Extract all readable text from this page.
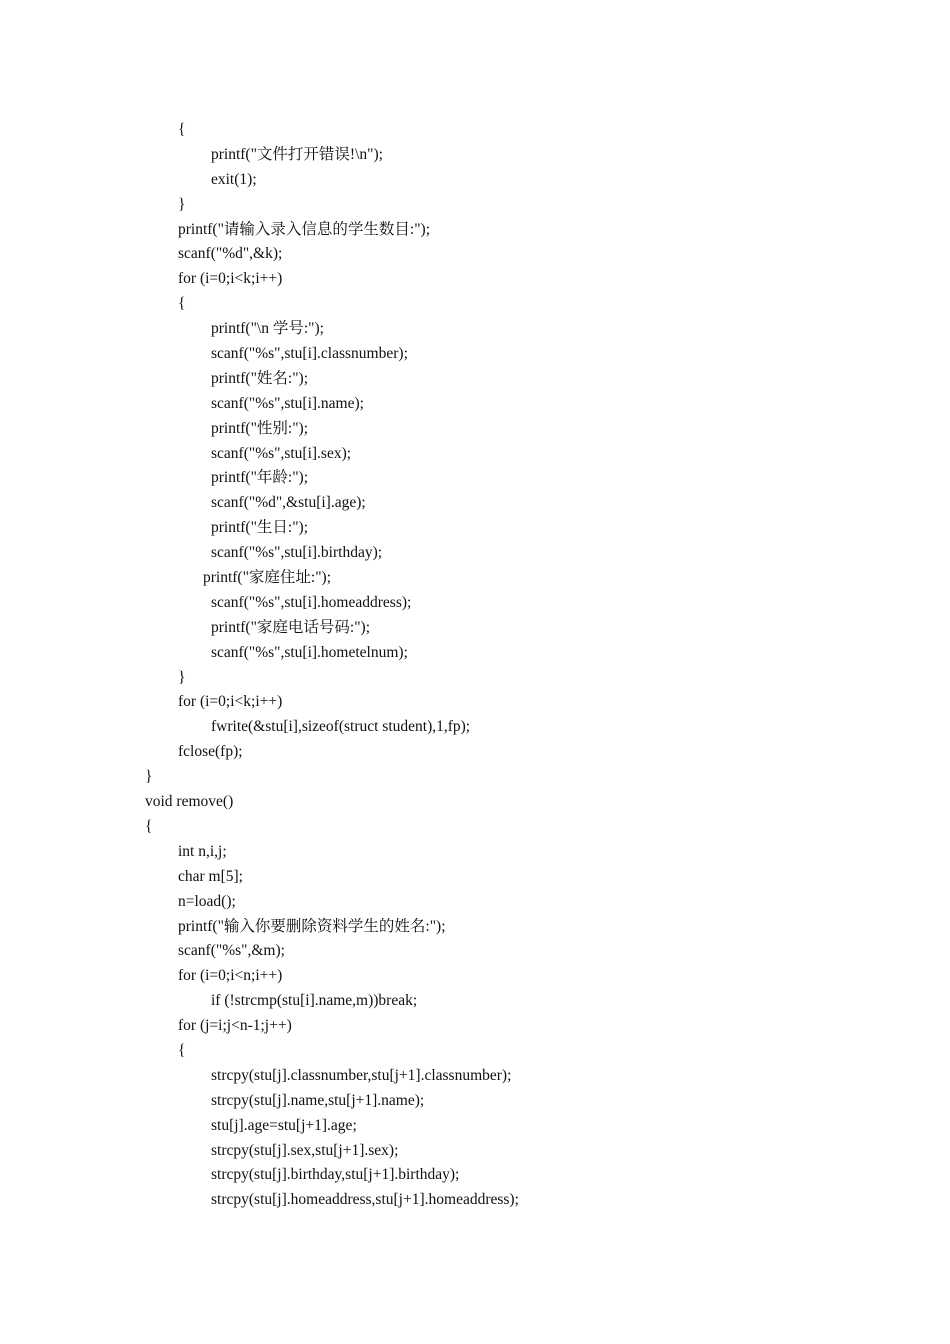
{
printf("文件打开错误!\n");
exit(1);
}
printf("请输入录入信息的学生数目:");
scanf("%d",&k);
for (i=0;i<k;i++)
{
printf("\n 学号:");
scanf("%s",stu[i].classnumber);
printf("姓名:");
scanf("%s",stu[i].name);
printf("性别:");
scanf("%s",stu[i].sex);
printf("年龄:");
scanf("%d",&stu[i].age);
printf("生日:");
scanf("%s",stu[i].birthday);
printf("家庭住址:");
scanf("%s",stu[i].homeaddress);
printf("家庭电话号码:");
scanf("%s",stu[i].hometelnum);
}
for (i=0;i<k;i++)
fwrite(&stu[i],sizeof(struct student),1,fp);
fclose(fp);
}
void remove()
{
int n,i,j;
char m[5];
n=load();
printf("输入你要删除资料学生的姓名:");
scanf("%s",&m);
for (i=0;i<n;i++)
if (!strcmp(stu[i].name,m))break;
for (j=i;j<n-1;j++)
{
strcpy(stu[j].classnumber,stu[j+1].classnumber);
strcpy(stu[j].name,stu[j+1].name);
stu[j].age=stu[j+1].age;
strcpy(stu[j].sex,stu[j+1].sex);
strcpy(stu[j].birthday,stu[j+1].birthday);
strcpy(stu[j].homeaddress,stu[j+1].homeaddress);
